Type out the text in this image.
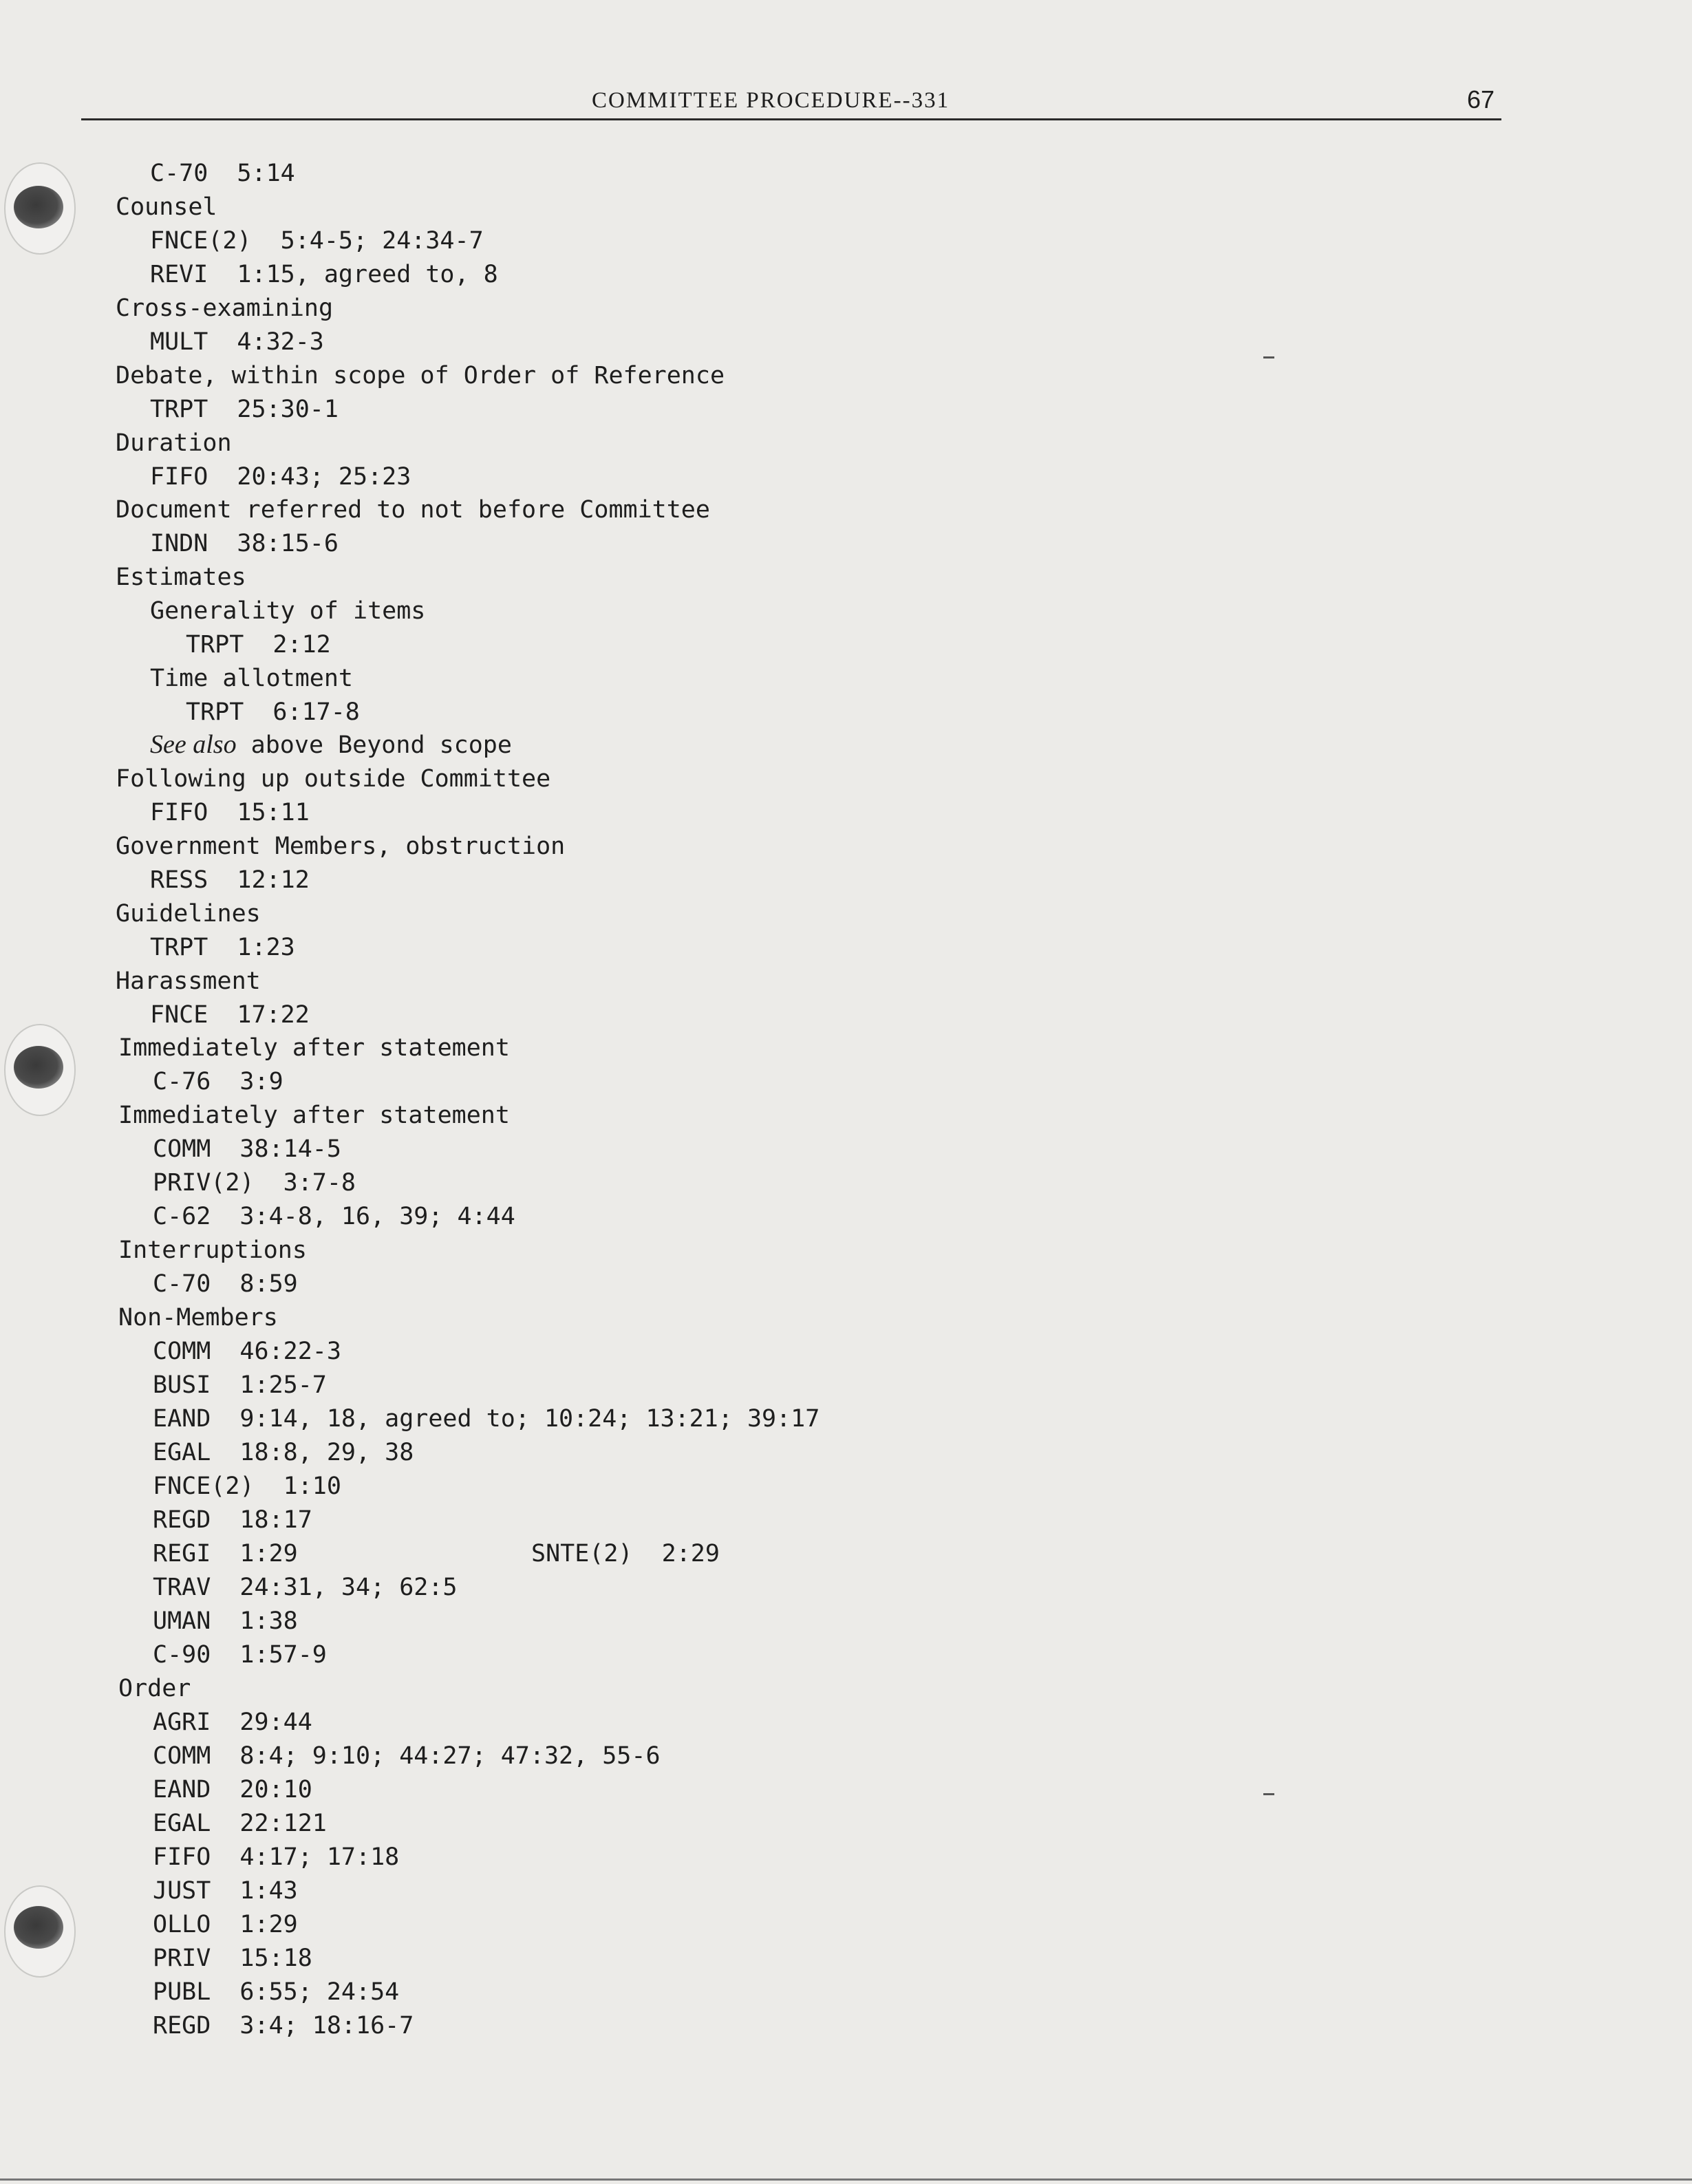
COMMITTEE PROCEDURE--331	67
C-70  5:14
Counsel
FNCE(2)  5:4-5; 24:34-7
REVI  1:15, agreed to, 8
Cross-examining
MULT  4:32-3
Debate, within scope of Order of Reference
TRPT  25:30-1
Duration
FIFO  20:43; 25:23
Document referred to not before Committee
INDN  38:15-6
Estimates
Generality of items
TRPT  2:12
Time allotment
TRPT  6:17-8
See also above Beyond scope
Following up outside Committee
FIFO  15:11
Government Members, obstruction
RESS  12:12
Guidelines
TRPT  1:23
Harassment
FNCE  17:22
Immediately after statement
C-76  3:9
Immediately after statement
COMM  38:14-5
PRIV(2)  3:7-8
C-62  3:4-8, 16, 39; 4:44
Interruptions
C-70  8:59
Non-Members
COMM  46:22-3
BUSI  1:25-7
EAND  9:14, 18, agreed to; 10:24; 13:21; 39:17
EGAL  18:8, 29, 38
FNCE(2)  1:10
REGD  18:17
REGI  1:29	SNTE(2)  2:29
TRAV  24:31, 34; 62:5
UMAN  1:38
C-90  1:57-9
Order
AGRI  29:44
COMM  8:4; 9:10; 44:27; 47:32, 55-6
EAND  20:10
EGAL  22:121
FIFO  4:17; 17:18
JUST  1:43
OLLO  1:29
PRIV  15:18
PUBL  6:55; 24:54
REGD  3:4; 18:16-7
